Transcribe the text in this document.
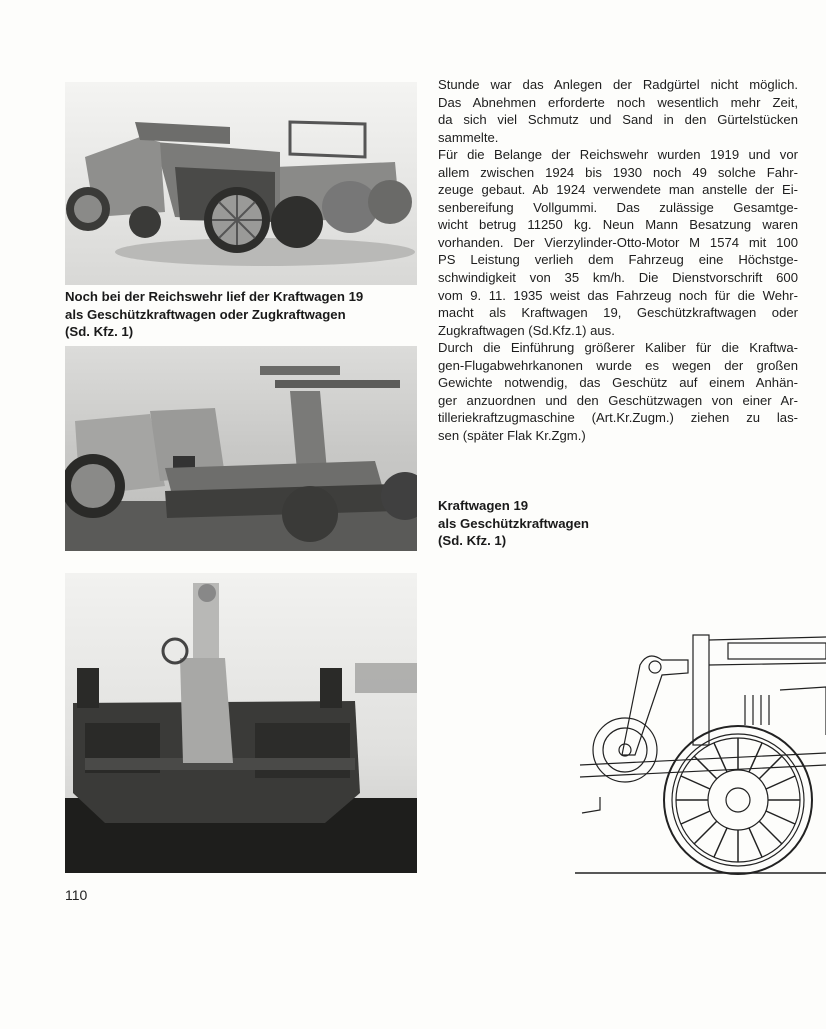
Noch bei der Reichswehr lief der Kraftwagen 19
als Geschützkraftwagen oder Zugkraftwagen
(Sd. Kfz. 1)
Stunde war das Anlegen der Radgürtel nicht möglich.
Das Abnehmen erforderte noch wesentlich mehr Zeit,
da sich viel Schmutz und Sand in den Gürtelstücken
sammelte.
Für die Belange der Reichswehr wurden 1919 und vor
allem zwischen 1924 bis 1930 noch 49 solche Fahr-
zeuge gebaut. Ab 1924 verwendete man anstelle der Ei-
senbereifung Vollgummi. Das zulässige Gesamtge-
wicht betrug 11250 kg. Neun Mann Besatzung waren
vorhanden. Der Vierzylinder-Otto-Motor M 1574 mit 100
PS Leistung verlieh dem Fahrzeug eine Höchstge-
schwindigkeit von 35 km/h. Die Dienstvorschrift 600
vom 9. 11. 1935 weist das Fahrzeug noch für die Wehr-
macht als Kraftwagen 19, Geschützkraftwagen oder
Zugkraftwagen (Sd.Kfz.1) aus.
Durch die Einführung größerer Kaliber für die Kraftwa-
gen-Flugabwehrkanonen wurde es wegen der großen
Gewichte notwendig, das Geschütz auf einem Anhän-
ger anzuordnen und den Geschützwagen von einer Ar-
tilleriekraftzugmaschine (Art.Kr.Zugm.) ziehen zu las-
sen (später Flak Kr.Zgm.)
Kraftwagen 19
als Geschützkraftwagen
(Sd. Kfz. 1)
110
